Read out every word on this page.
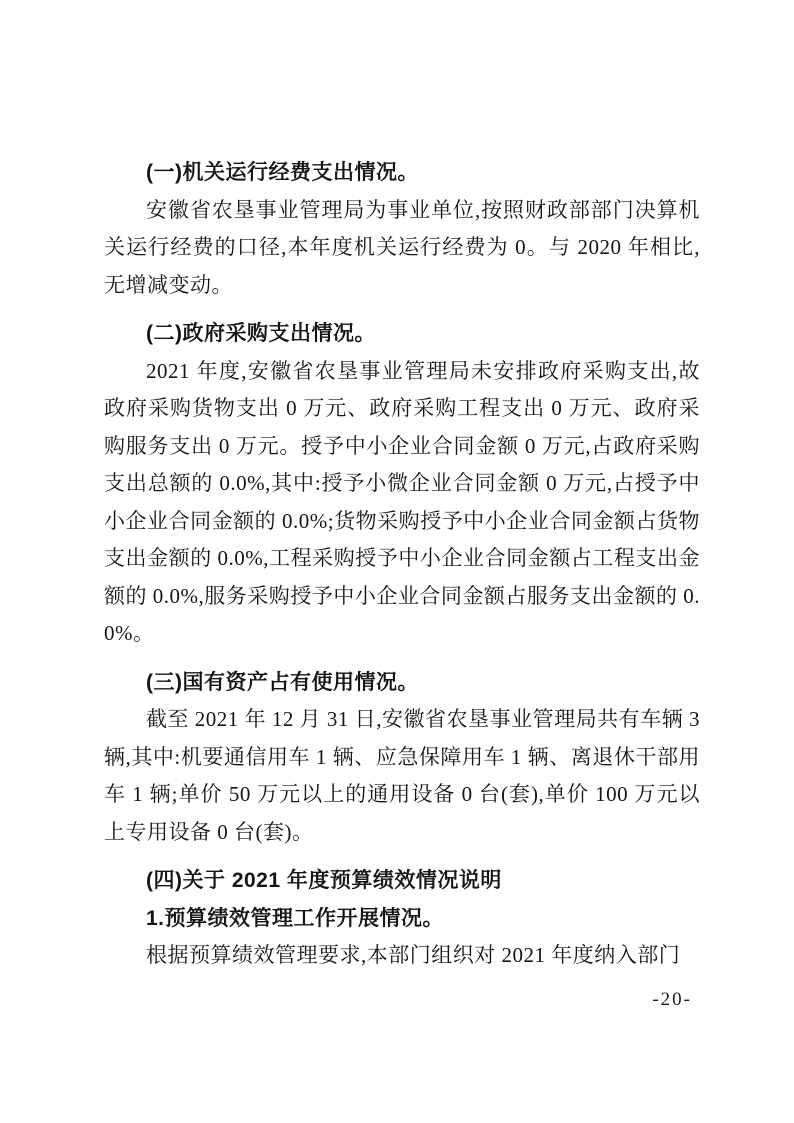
(一)机关运行经费支出情况。

安徽省农垦事业管理局为事业单位,按照财政部部门决算机关运行经费的口径,本年度机关运行经费为 0。与 2020 年相比,无增减变动。

(二)政府采购支出情况。

2021 年度,安徽省农垦事业管理局未安排政府采购支出,故政府采购货物支出 0 万元、政府采购工程支出 0 万元、政府采购服务支出 0 万元。授予中小企业合同金额 0 万元,占政府采购支出总额的 0.0%,其中:授予小微企业合同金额 0 万元,占授予中小企业合同金额的 0.0%;货物采购授予中小企业合同金额占货物支出金额的 0.0%,工程采购授予中小企业合同金额占工程支出金额的 0.0%,服务采购授予中小企业合同金额占服务支出金额的 0.0%。

(三)国有资产占有使用情况。

截至 2021 年 12 月 31 日,安徽省农垦事业管理局共有车辆 3 辆,其中:机要通信用车 1 辆、应急保障用车 1 辆、离退休干部用车 1 辆;单价 50 万元以上的通用设备 0 台(套),单价 100 万元以上专用设备 0 台(套)。

(四)关于 2021 年度预算绩效情况说明
1.预算绩效管理工作开展情况。

根据预算绩效管理要求,本部门组织对 2021 年度纳入部门

-20-
